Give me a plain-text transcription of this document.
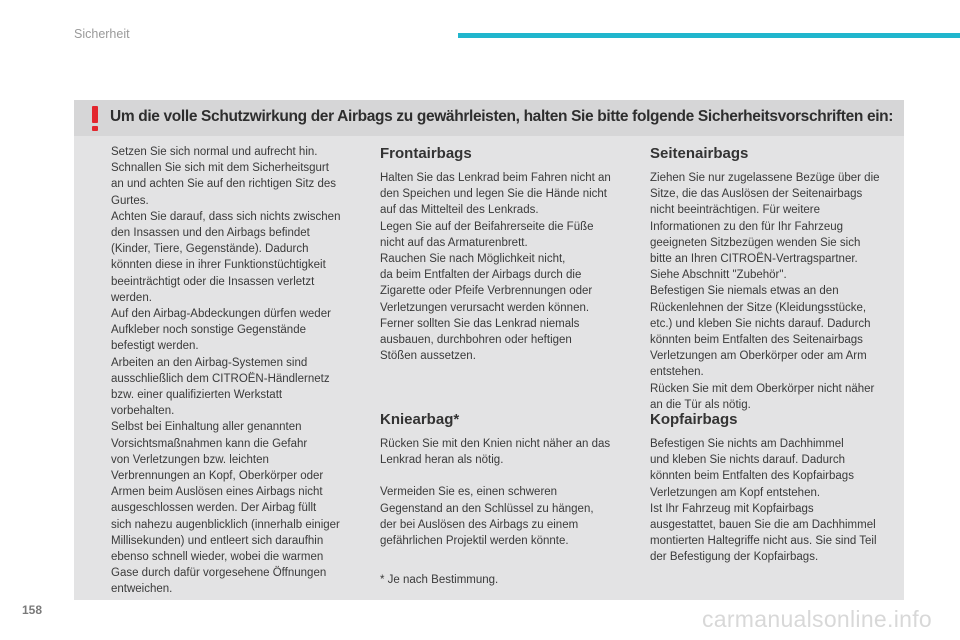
Sicherheit
Um die volle Schutzwirkung der Airbags zu gewährleisten, halten Sie bitte folgende Sicherheitsvorschriften ein:
Setzen Sie sich normal und aufrecht hin.
Schnallen Sie sich mit dem Sicherheitsgurt
an und achten Sie auf den richtigen Sitz des
Gurtes.
Achten Sie darauf, dass sich nichts zwischen
den Insassen und den Airbags befindet
(Kinder, Tiere, Gegenstände). Dadurch
könnten diese in ihrer Funktionstüchtigkeit
beeinträchtigt oder die Insassen verletzt
werden.
Auf den Airbag-Abdeckungen dürfen weder
Aufkleber noch sonstige Gegenstände
befestigt werden.
Arbeiten an den Airbag-Systemen sind
ausschließlich dem CITROËN-Händlernetz
bzw. einer qualifizierten Werkstatt
vorbehalten.
Selbst bei Einhaltung aller genannten
Vorsichtsmaßnahmen kann die Gefahr
von Verletzungen bzw. leichten
Verbrennungen an Kopf, Oberkörper oder
Armen beim Auslösen eines Airbags nicht
ausgeschlossen werden. Der Airbag füllt
sich nahezu augenblicklich (innerhalb einiger
Millisekunden) und entleert sich daraufhin
ebenso schnell wieder, wobei die warmen
Gase durch dafür vorgesehene Öffnungen
entweichen.
Frontairbags
Halten Sie das Lenkrad beim Fahren nicht an
den Speichen und legen Sie die Hände nicht
auf das Mittelteil des Lenkrads.
Legen Sie auf der Beifahrerseite die Füße
nicht auf das Armaturenbrett.
Rauchen Sie nach Möglichkeit nicht,
da beim Entfalten der Airbags durch die
Zigarette oder Pfeife Verbrennungen oder
Verletzungen verursacht werden können.
Ferner sollten Sie das Lenkrad niemals
ausbauen, durchbohren oder heftigen
Stößen aussetzen.
Kniearbag*

Rücken Sie mit den Knien nicht näher an das
Lenkrad heran als nötig.

Vermeiden Sie es, einen schweren
Gegenstand an den Schlüssel zu hängen,
der bei Auslösen des Airbags zu einem
gefährlichen Projektil werden könnte.

* Je nach Bestimmung.
Seitenairbags
Ziehen Sie nur zugelassene Bezüge über die
Sitze, die das Auslösen der Seitenairbags
nicht beeinträchtigen. Für weitere
Informationen zu den für Ihr Fahrzeug
geeigneten Sitzbezügen wenden Sie sich
bitte an Ihren CITROËN-Vertragspartner.
Siehe Abschnitt "Zubehör".
Befestigen Sie niemals etwas an den
Rückenlehnen der Sitze (Kleidungsstücke,
etc.) und kleben Sie nichts darauf. Dadurch
könnten beim Entfalten des Seitenairbags
Verletzungen am Oberkörper oder am Arm
entstehen.
Rücken Sie mit dem Oberkörper nicht näher
an die Tür als nötig.
Kopfairbags
Befestigen Sie nichts am Dachhimmel
und kleben Sie nichts darauf. Dadurch
könnten beim Entfalten des Kopfairbags
Verletzungen am Kopf entstehen.
Ist Ihr Fahrzeug mit Kopfairbags
ausgestattet, bauen Sie die am Dachhimmel
montierten Haltegriffe nicht aus. Sie sind Teil
der Befestigung der Kopfairbags.
158	carmanualsonline.info
